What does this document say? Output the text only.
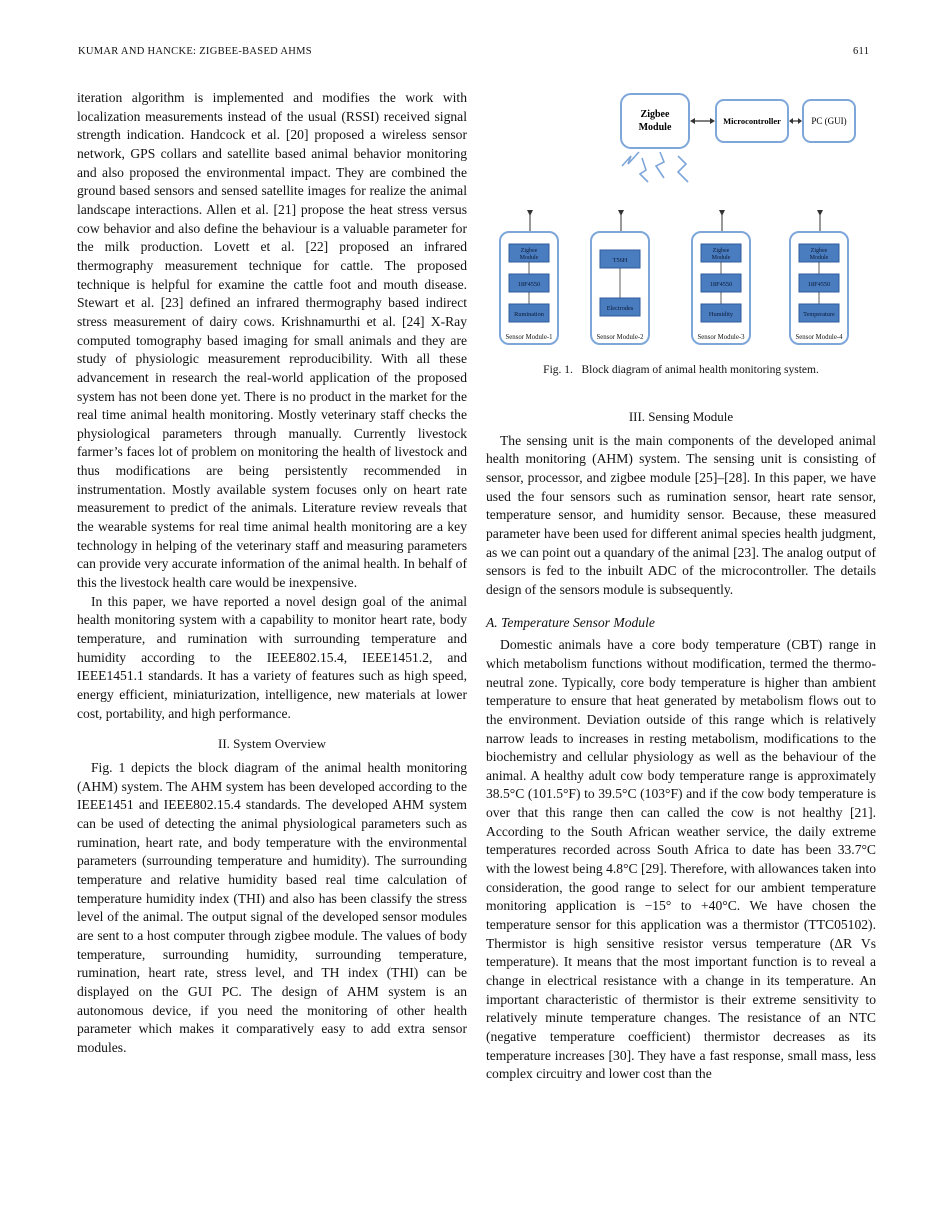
KUMAR AND HANCKE: ZIGBEE-BASED AHMS	611

iteration algorithm is implemented and modifies the work with localization measurements instead of the usual (RSSI) received signal strength indication. Handcock et al. [20] proposed a wireless sensor network, GPS collars and satellite based animal behavior monitoring and also proposed the environmental impact. They are combined the ground based sensors and sensed satellite images for realize the animal landscape interactions. Allen et al. [21] propose the heat stress versus cow behavior and also define the behaviour is a valuable parameter for the milk production. Lovett et al. [22] proposed an infrared thermography measurement technique for cattle. The proposed technique is helpful for examine the cattle foot and mouth disease. Stewart et al. [23] defined an infrared thermography based indirect stress measurement of dairy cows. Krishnamurthi et al. [24] X-Ray computed tomography based imaging for small animals and they are study of physiologic measurement reproducibility. With all these advancement in research the real-world application of the proposed system has not been done yet. There is no product in the market for the real time animal health monitoring. Mostly veterinary staff checks the physiological parameters through manually. Currently livestock farmer’s faces lot of problem on monitoring the health of livestock and thus modifications are being persistently recommended in instrumentation. Mostly available system focuses only on heart rate measurement to predict of the animals. Literature review reveals that the wearable systems for real time animal health monitoring are a key technology in helping of the veterinary staff and measuring parameters can provide very accurate information of the animal health. In behalf of this the livestock health care would be inexpensive.

In this paper, we have reported a novel design goal of the animal health monitoring system with a capability to monitor heart rate, body temperature, and rumination with surrounding temperature and humidity according to the IEEE802.15.4, IEEE1451.2, and IEEE1451.1 standards. It has a variety of features such as high speed, energy efficient, miniaturization, intelligence, new materials at lower cost, portability, and high performance.

II. System Overview

Fig. 1 depicts the block diagram of the animal health monitoring (AHM) system. The AHM system has been developed according to the IEEE1451 and IEEE802.15.4 standards. The developed AHM system can be used of detecting the animal physiological parameters such as rumination, heart rate, and body temperature with the environmental parameters (surrounding temperature and humidity). The surrounding temperature and relative humidity based real time calculation of temperature humidity index (THI) and also has been classify the stress level of the animal. The output signal of the developed sensor modules are sent to a host computer through zigbee module. The values of body temperature, surrounding humidity, surrounding temperature, rumination, heart rate, stress level, and TH index (THI) can be displayed on the GUI PC. The design of AHM system is an autonomous device, if you need the monitoring of other health parameter which makes it comparatively easy to add extra sensor modules.

Zigbee
Module
Microcontroller	PC (GUI)
Zigbee
Module
18F4550
Rumination
Sensor Module-1
T56H
Electrodes
Sensor Module-2
Zigbee
Module
18F4550
Humidity
Sensor Module-3
Zigbee
Module
18F4550
Temperature
Sensor Module-4
Fig. 1.   Block diagram of animal health monitoring system.
III. Sensing Module

The sensing unit is the main components of the developed animal health monitoring (AHM) system. The sensing unit is consisting of sensor, processor, and zigbee module [25]–[28]. In this paper, we have used the four sensors such as rumination sensor, heart rate sensor, temperature sensor, and humidity sensor. Because, these measured parameter have been used for different animal species health judgment, as we can point out a quandary of the animal [23]. The analog output of sensors is fed to the inbuilt ADC of the microcontroller. The details design of the sensors module is subsequently.

A. Temperature Sensor Module

Domestic animals have a core body temperature (CBT) range in which metabolism functions without modification, termed the thermo-neutral zone. Typically, core body temperature is higher than ambient temperature to ensure that heat generated by metabolism flows out to the environment. Deviation outside of this range which is relatively narrow leads to increases in resting metabolism, modifications to the biochemistry and cellular physiology as well as the behaviour of the animal. A healthy adult cow body temperature range is approximately 38.5°C (101.5°F) to 39.5°C (103°F) and if the cow body temperature is over that this range then can called the cow is not healthy [21]. According to the South African weather service, the daily extreme temperatures recorded across South Africa to date has been 33.7°C with the lowest being 4.8°C [29]. Therefore, with allowances taken into consideration, the good range to select for our ambient temperature monitoring application is −15° to +40°C. We have chosen the temperature sensor for this application was a thermistor (TTC05102). Thermistor is high sensitive resistor versus temperature (ΔR Vs temperature). It means that the most important function is to reveal a change in electrical resistance with a change in its temperature. An important characteristic of thermistor is their extreme sensitivity to relatively minute temperature changes. The resistance of an NTC (negative temperature coefficient) thermistor decreases as its temperature increases [30]. They have a fast response, small mass, less complex circuitry and lower cost than the
